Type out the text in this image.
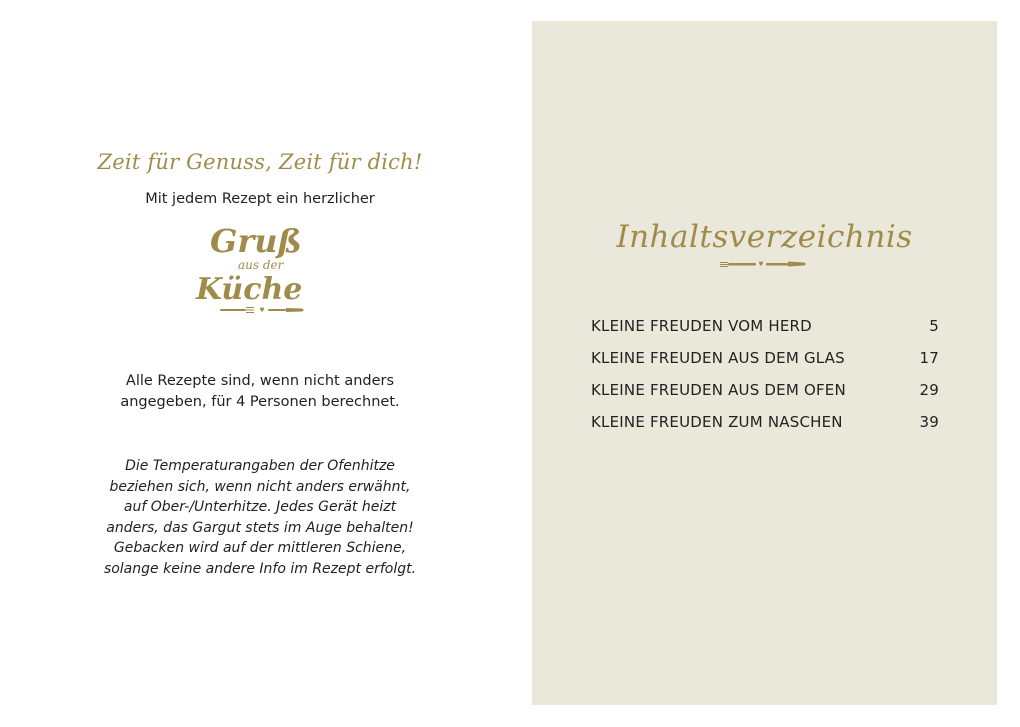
Zeit für Genuss, Zeit für dich!
Mit jedem Rezept ein herzlicher
Gruß
aus der
Küche
Alle Rezepte sind, wenn nicht anders
angegeben, für 4 Personen berechnet.
Die Temperaturangaben der Ofenhitze
beziehen sich, wenn nicht anders erwähnt,
auf Ober-/Unterhitze. Jedes Gerät heizt
anders, das Gargut stets im Auge behalten!
Gebacken wird auf der mittleren Schiene,
solange keine andere Info im Rezept erfolgt.
Inhaltsverzeichnis
KLEINE FREUDEN VOM HERD	5
KLEINE FREUDEN AUS DEM GLAS	17
KLEINE FREUDEN AUS DEM OFEN	29
KLEINE FREUDEN ZUM NASCHEN	39
